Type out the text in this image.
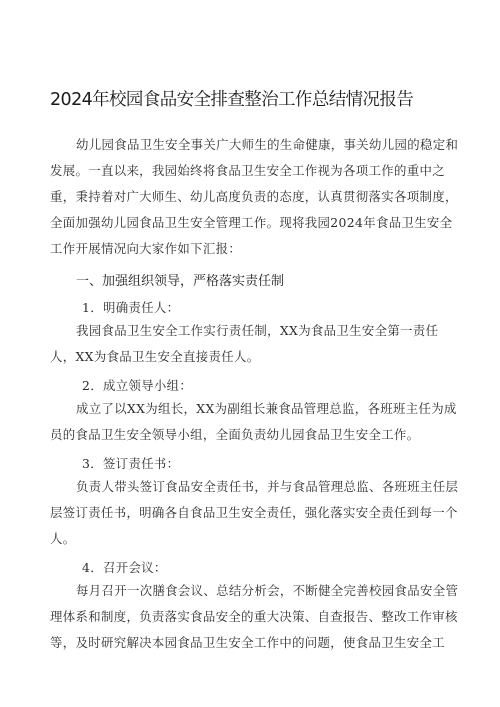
2024年校园食品安全排查整治工作总结情况报告

幼儿园食品卫生安全事关广大师生的生命健康，事关幼儿园的稳定和发展。一直以来，我园始终将食品卫生安全工作视为各项工作的重中之重，秉持着对广大师生、幼儿高度负责的态度，认真贯彻落实各项制度，全面加强幼儿园食品卫生安全管理工作。现将我园2024年食品卫生安全工作开展情况向大家作如下汇报：

一、加强组织领导，严格落实责任制
1．明确责任人：

我园食品卫生安全工作实行责任制，XX为食品卫生安全第一责任人，XX为食品卫生安全直接责任人。

2．成立领导小组：

成立了以XX为组长，XX为副组长兼食品管理总监，各班班主任为成员的食品卫生安全领导小组，全面负责幼儿园食品卫生安全工作。

3．签订责任书：

负责人带头签订食品安全责任书，并与食品管理总监、各班班主任层层签订责任书，明确各自食品卫生安全责任，强化落实安全责任到每一个人。

4．召开会议：

每月召开一次膳食会议、总结分析会，不断健全完善校园食品安全管理体系和制度，负责落实食品安全的重大决策、自查报告、整改工作审核等，及时研究解决本园食品卫生安全工作中的问题，使食品卫生安全工
